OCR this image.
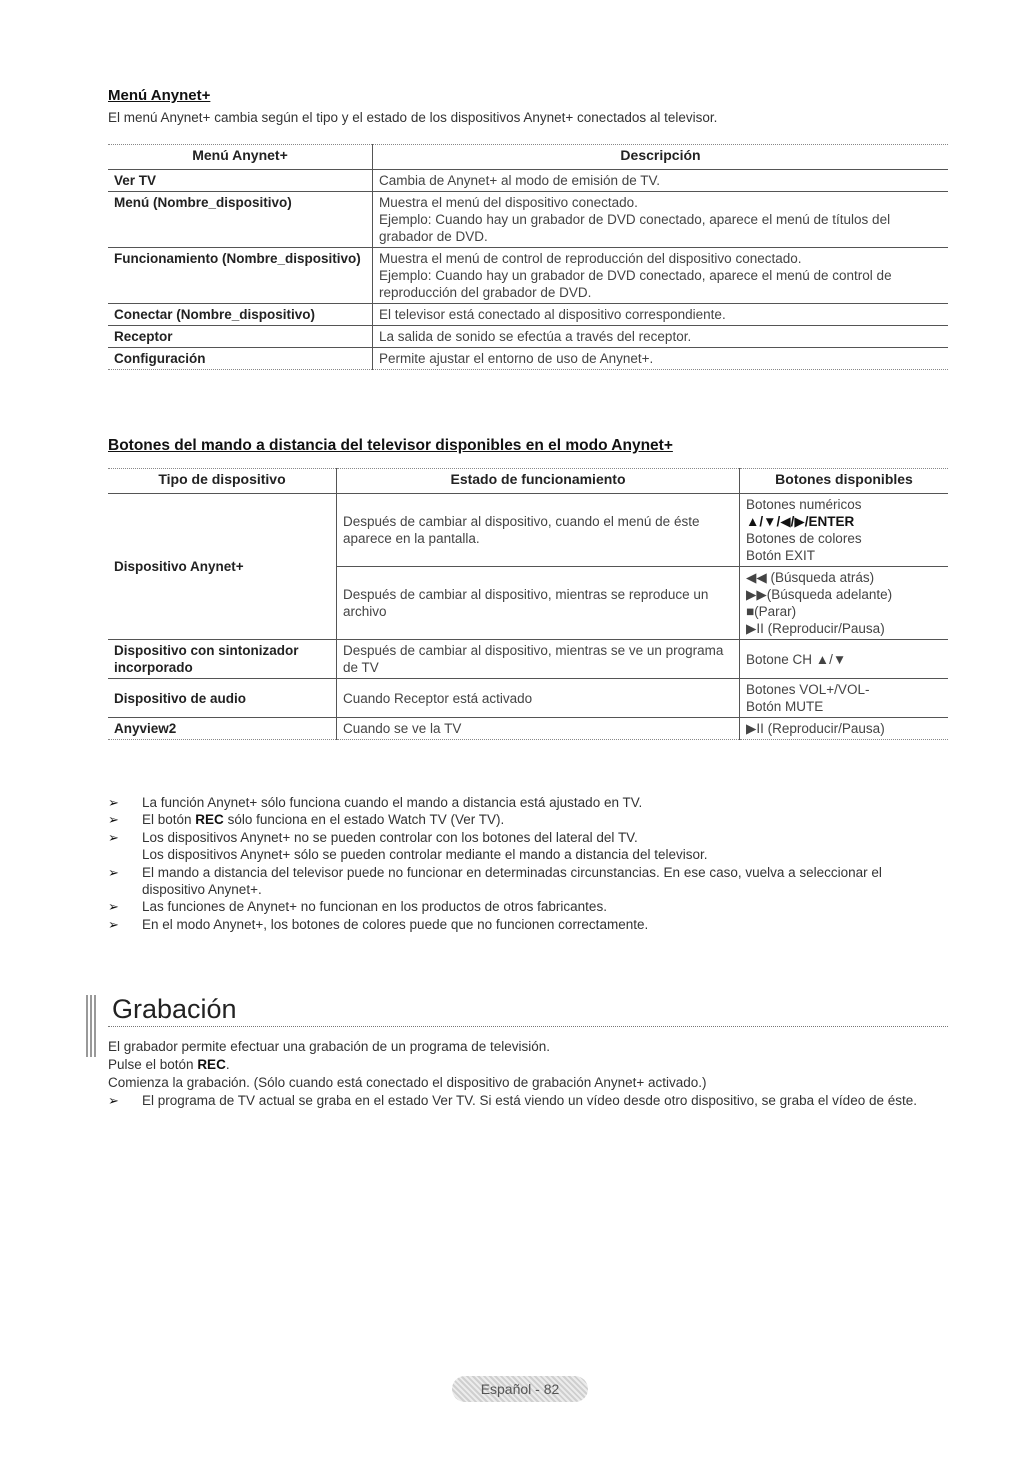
Menú Anynet+
El menú Anynet+ cambia según el tipo y el estado de los dispositivos Anynet+ conectados al televisor.
Menú Anynet+	Descripción
Ver TV	Cambia de Anynet+ al modo de emisión de TV.

Menú (Nombre_dispositivo)	Muestra el menú del dispositivo conectado.
Ejemplo: Cuando hay un grabador de DVD conectado, aparece el menú de títulos del grabador de DVD.

Funcionamiento (Nombre_dispositivo)	Muestra el menú de control de reproducción del dispositivo conectado.
Ejemplo: Cuando hay un grabador de DVD conectado, aparece el menú de control de reproducción del grabador de DVD.

Conectar (Nombre_dispositivo)	El televisor está conectado al dispositivo correspondiente.

Receptor	La salida de sonido se efectúa a través del receptor.

Configuración	Permite ajustar el entorno de uso de Anynet+.
Botones del mando a distancia del televisor disponibles en el modo Anynet+
Tipo de dispositivo	Estado de funcionamiento	Botones disponibles
Dispositivo Anynet+	Después de cambiar al dispositivo, cuando el menú de éste aparece en la pantalla.	Botones numéricos
▲/▼/◀/▶/ENTER
Botones de colores
Botón EXIT

	Después de cambiar al dispositivo, mientras se reproduce un archivo	◀◀ (Búsqueda atrás)
▶▶(Búsqueda adelante)
■(Parar)
▶II (Reproducir/Pausa)

Dispositivo con sintonizador incorporado	Después de cambiar al dispositivo, mientras se ve un programa de TV	Botone CH ▲/▼
Dispositivo de audio	Cuando Receptor está activado	Botones VOL+/VOL-
Botón MUTE

Anyview2	Cuando se ve la TV	▶II (Reproducir/Pausa)
➢	La función Anynet+ sólo funciona cuando el mando a distancia está ajustado en TV.
➢	El botón REC sólo funciona en el estado Watch TV (Ver TV).
➢	Los dispositivos Anynet+ no se pueden controlar con los botones del lateral del TV.
Los dispositivos Anynet+ sólo se pueden controlar mediante el mando a distancia del televisor.
➢	El mando a distancia del televisor puede no funcionar en determinadas circunstancias. En ese caso, vuelva a seleccionar el dispositivo Anynet+.
➢	Las funciones de Anynet+ no funcionan en los productos de otros fabricantes.
➢	En el modo Anynet+, los botones de colores puede que no funcionen correctamente.
Grabación
El grabador permite efectuar una grabación de un programa de televisión.
Pulse el botón REC.
Comienza la grabación. (Sólo cuando está conectado el dispositivo de grabación Anynet+ activado.)
➢	El programa de TV actual se graba en el estado Ver TV. Si está viendo un vídeo desde otro dispositivo, se graba el vídeo de éste.
Español - 82
